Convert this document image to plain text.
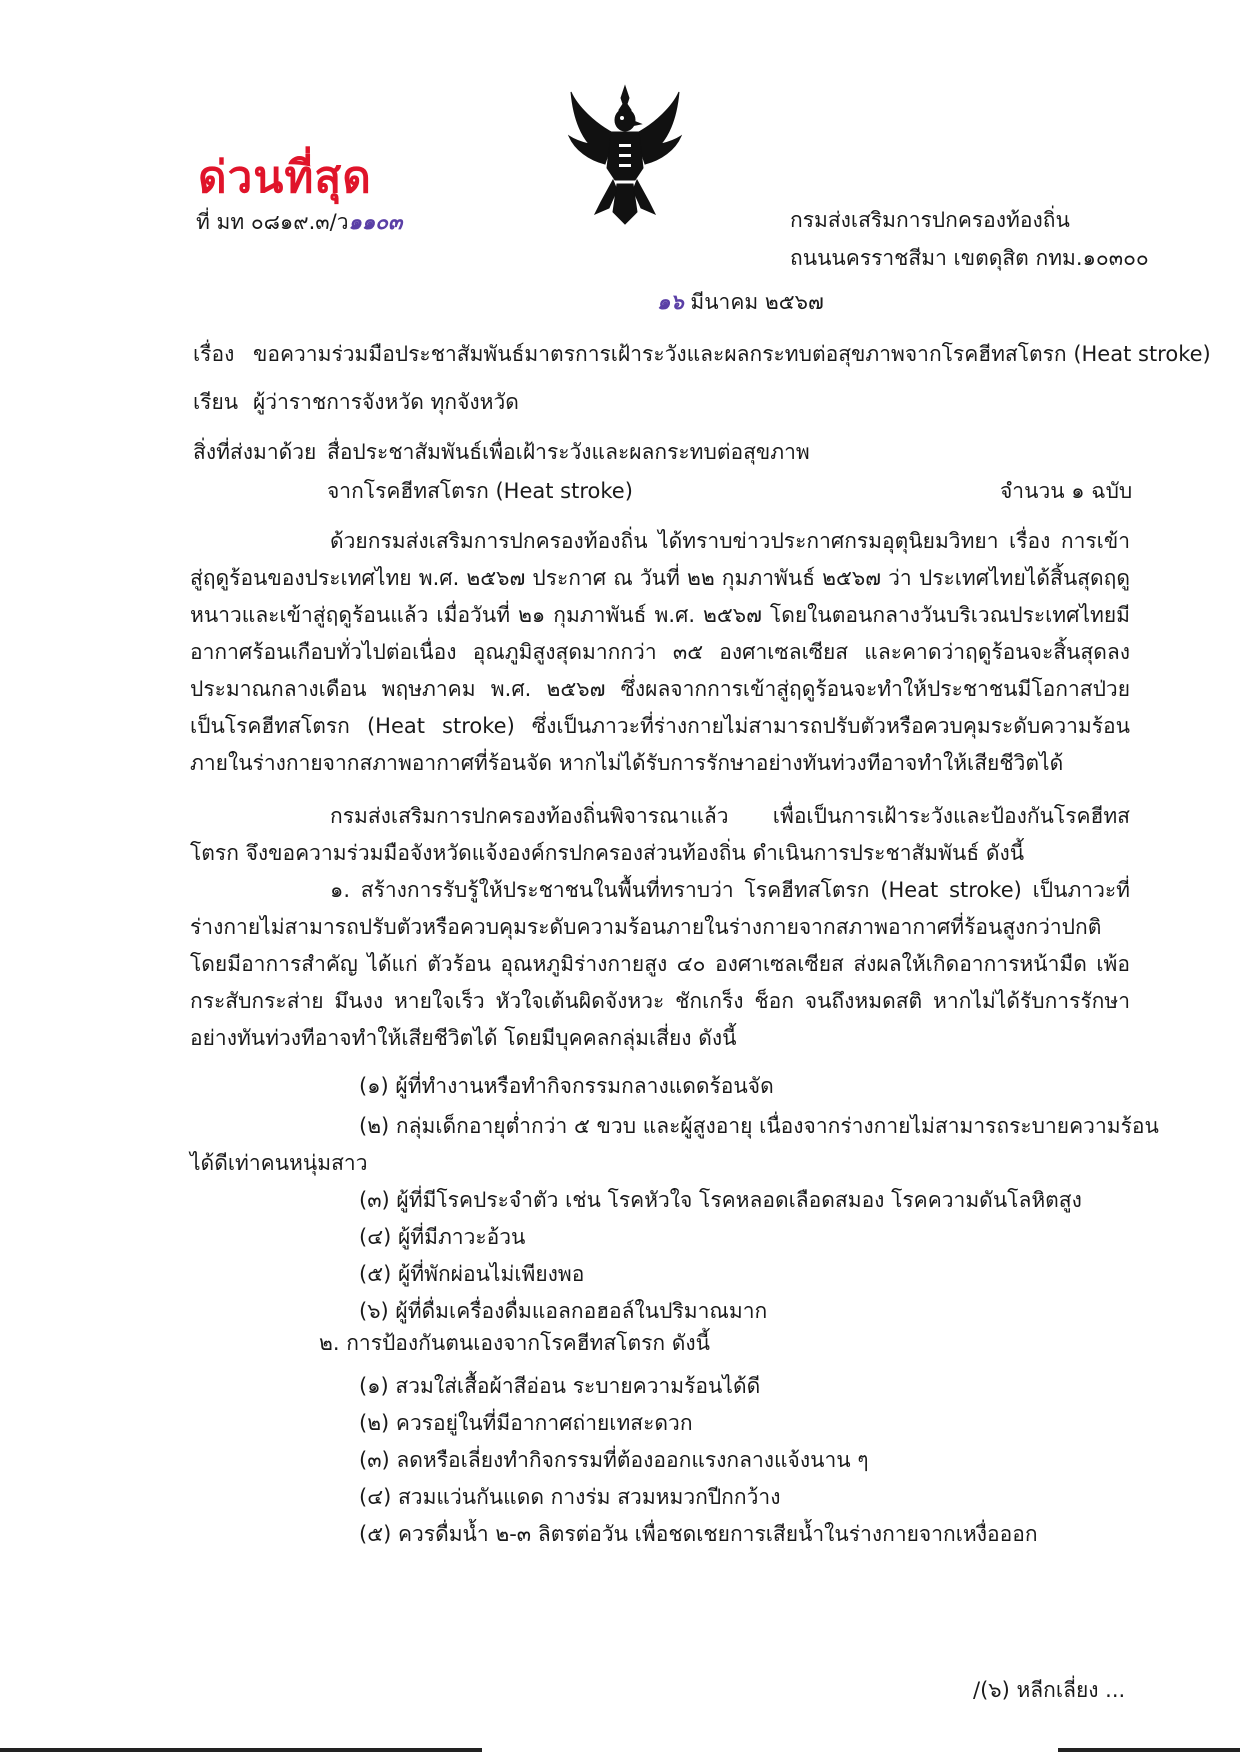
ด่วนที่สุด
ที่ มท ๐๘๑๙.๓/ว๑๑๐๓	กรมส่งเสริมการปกครองท้องถิ่น
ถนนนครราชสีมา เขตดุสิต กทม.๑๐๓๐๐
๑๖ มีนาคม ๒๕๖๗
เรื่อง ขอความร่วมมือประชาสัมพันธ์มาตรการเฝ้าระวังและผลกระทบต่อสุขภาพจากโรคฮีทสโตรก (Heat stroke)
เรียน ผู้ว่าราชการจังหวัด ทุกจังหวัด
สิ่งที่ส่งมาด้วย สื่อประชาสัมพันธ์เพื่อเฝ้าระวังและผลกระทบต่อสุขภาพ
จากโรคฮีทสโตรก (Heat stroke)	จำนวน ๑ ฉบับ
ด้วยกรมส่งเสริมการปกครองท้องถิ่น ได้ทราบข่าวประกาศกรมอุตุนิยมวิทยา เรื่อง การเข้าสู่ฤดูร้อนของประเทศไทย พ.ศ. ๒๕๖๗ ประกาศ ณ วันที่ ๒๒ กุมภาพันธ์ ๒๕๖๗ ว่า ประเทศไทยได้สิ้นสุดฤดูหนาวและเข้าสู่ฤดูร้อนแล้ว เมื่อวันที่ ๒๑ กุมภาพันธ์ พ.ศ. ๒๕๖๗ โดยในตอนกลางวันบริเวณประเทศไทยมีอากาศร้อนเกือบทั่วไปต่อเนื่อง อุณภูมิสูงสุดมากกว่า ๓๕ องศาเซลเซียส และคาดว่าฤดูร้อนจะสิ้นสุดลงประมาณกลางเดือน พฤษภาคม พ.ศ. ๒๕๖๗ ซึ่งผลจากการเข้าสู่ฤดูร้อนจะทำให้ประชาชนมีโอกาสป่วยเป็นโรคฮีทสโตรก (Heat stroke) ซึ่งเป็นภาวะที่ร่างกายไม่สามารถปรับตัวหรือควบคุมระดับความร้อนภายในร่างกายจากสภาพอากาศที่ร้อนจัด หากไม่ได้รับการรักษาอย่างทันท่วงทีอาจทำให้เสียชีวิตได้
กรมส่งเสริมการปกครองท้องถิ่นพิจารณาแล้ว เพื่อเป็นการเฝ้าระวังและป้องกันโรคฮีทสโตรก จึงขอความร่วมมือจังหวัดแจ้งองค์กรปกครองส่วนท้องถิ่น ดำเนินการประชาสัมพันธ์ ดังนี้
๑. สร้างการรับรู้ให้ประชาชนในพื้นที่ทราบว่า โรคฮีทสโตรก (Heat stroke) เป็นภาวะที่ร่างกายไม่สามารถปรับตัวหรือควบคุมระดับความร้อนภายในร่างกายจากสภาพอากาศที่ร้อนสูงกว่าปกติ โดยมีอาการสำคัญ ได้แก่ ตัวร้อน อุณหภูมิร่างกายสูง ๔๐ องศาเซลเซียส ส่งผลให้เกิดอาการหน้ามืด เพ้อ กระสับกระส่าย มึนงง หายใจเร็ว หัวใจเต้นผิดจังหวะ ชักเกร็ง ช็อก จนถึงหมดสติ หากไม่ได้รับการรักษาอย่างทันท่วงทีอาจทำให้เสียชีวิตได้ โดยมีบุคคลกลุ่มเสี่ยง ดังนี้
(๑) ผู้ที่ทำงานหรือทำกิจกรรมกลางแดดร้อนจัด
(๒) กลุ่มเด็กอายุต่ำกว่า ๕ ขวบ และผู้สูงอายุ เนื่องจากร่างกายไม่สามารถระบายความร้อน
ได้ดีเท่าคนหนุ่มสาว
(๓) ผู้ที่มีโรคประจำตัว เช่น โรคหัวใจ โรคหลอดเลือดสมอง โรคความดันโลหิตสูง
(๔) ผู้ที่มีภาวะอ้วน
(๕) ผู้ที่พักผ่อนไม่เพียงพอ
(๖) ผู้ที่ดื่มเครื่องดื่มแอลกอฮอล์ในปริมาณมาก
๒. การป้องกันตนเองจากโรคฮีทสโตรก ดังนี้
(๑) สวมใส่เสื้อผ้าสีอ่อน ระบายความร้อนได้ดี
(๒) ควรอยู่ในที่มีอากาศถ่ายเทสะดวก
(๓) ลดหรือเลี่ยงทำกิจกรรมที่ต้องออกแรงกลางแจ้งนาน ๆ
(๔) สวมแว่นกันแดด กางร่ม สวมหมวกปีกกว้าง
(๕) ควรดื่มน้ำ ๒-๓ ลิตรต่อวัน เพื่อชดเชยการเสียน้ำในร่างกายจากเหงื่อออก
/(๖) หลีกเลี่ยง ...
